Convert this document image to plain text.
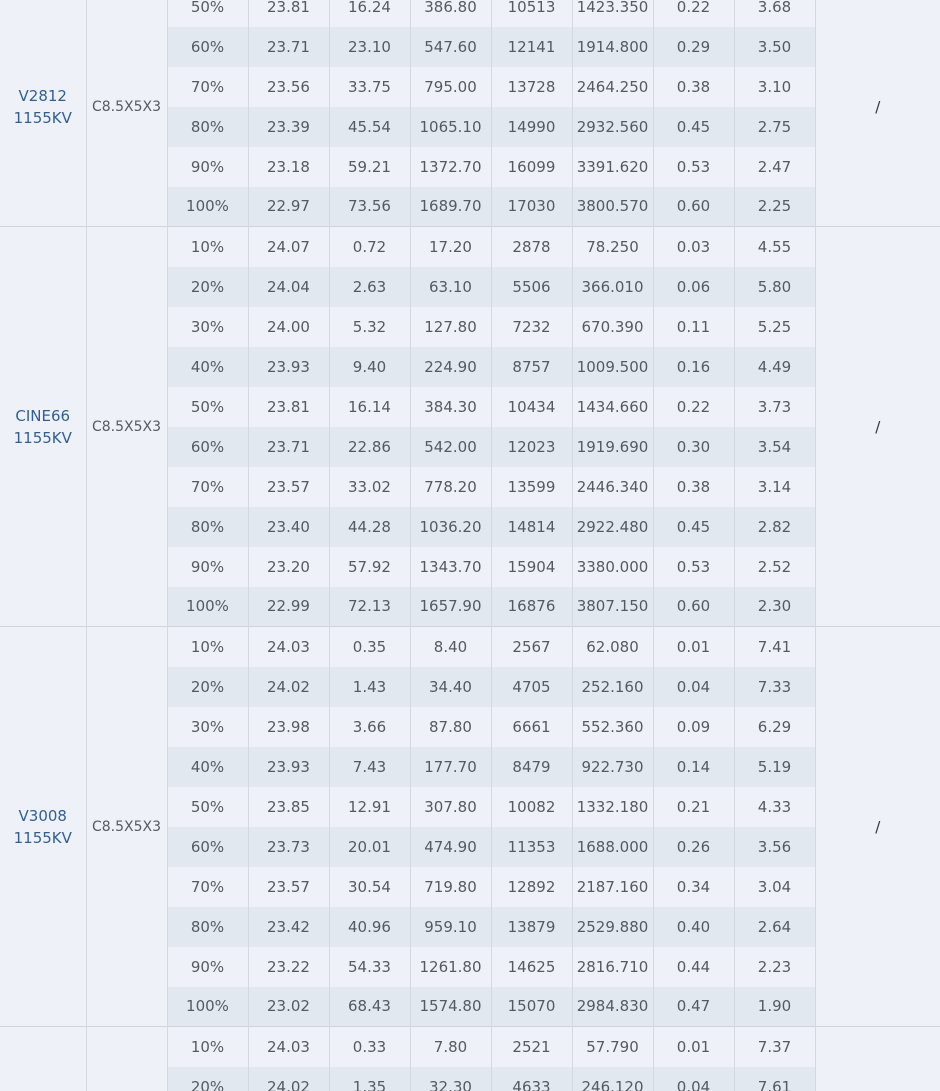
V2812
1155KV	C8.5X5X3	50%	23.81	16.24	386.80	10513	1423.350	0.22	3.68	/
		60%	23.71	23.10	547.60	12141	1914.800	0.29	3.50	
		70%	23.56	33.75	795.00	13728	2464.250	0.38	3.10	
		80%	23.39	45.54	1065.10	14990	2932.560	0.45	2.75	
		90%	23.18	59.21	1372.70	16099	3391.620	0.53	2.47	
		100%	22.97	73.56	1689.70	17030	3800.570	0.60	2.25	
CINE66
1155KV	C8.5X5X3	10%	24.07	0.72	17.20	2878	78.250	0.03	4.55	/
		20%	24.04	2.63	63.10	5506	366.010	0.06	5.80	
		30%	24.00	5.32	127.80	7232	670.390	0.11	5.25	
		40%	23.93	9.40	224.90	8757	1009.500	0.16	4.49	
		50%	23.81	16.14	384.30	10434	1434.660	0.22	3.73	
		60%	23.71	22.86	542.00	12023	1919.690	0.30	3.54	
		70%	23.57	33.02	778.20	13599	2446.340	0.38	3.14	
		80%	23.40	44.28	1036.20	14814	2922.480	0.45	2.82	
		90%	23.20	57.92	1343.70	15904	3380.000	0.53	2.52	
		100%	22.99	72.13	1657.90	16876	3807.150	0.60	2.30	
V3008
1155KV	C8.5X5X3	10%	24.03	0.35	8.40	2567	62.080	0.01	7.41	/
		20%	24.02	1.43	34.40	4705	252.160	0.04	7.33	
		30%	23.98	3.66	87.80	6661	552.360	0.09	6.29	
		40%	23.93	7.43	177.70	8479	922.730	0.14	5.19	
		50%	23.85	12.91	307.80	10082	1332.180	0.21	4.33	
		60%	23.73	20.01	474.90	11353	1688.000	0.26	3.56	
		70%	23.57	30.54	719.80	12892	2187.160	0.34	3.04	
		80%	23.42	40.96	959.10	13879	2529.880	0.40	2.64	
		90%	23.22	54.33	1261.80	14625	2816.710	0.44	2.23	
		100%	23.02	68.43	1574.80	15070	2984.830	0.47	1.90	

		10%	24.03	0.33	7.80	2521	57.790	0.01	7.37	
		20%	24.02	1.35	32.30	4633	246.120	0.04	7.61	
